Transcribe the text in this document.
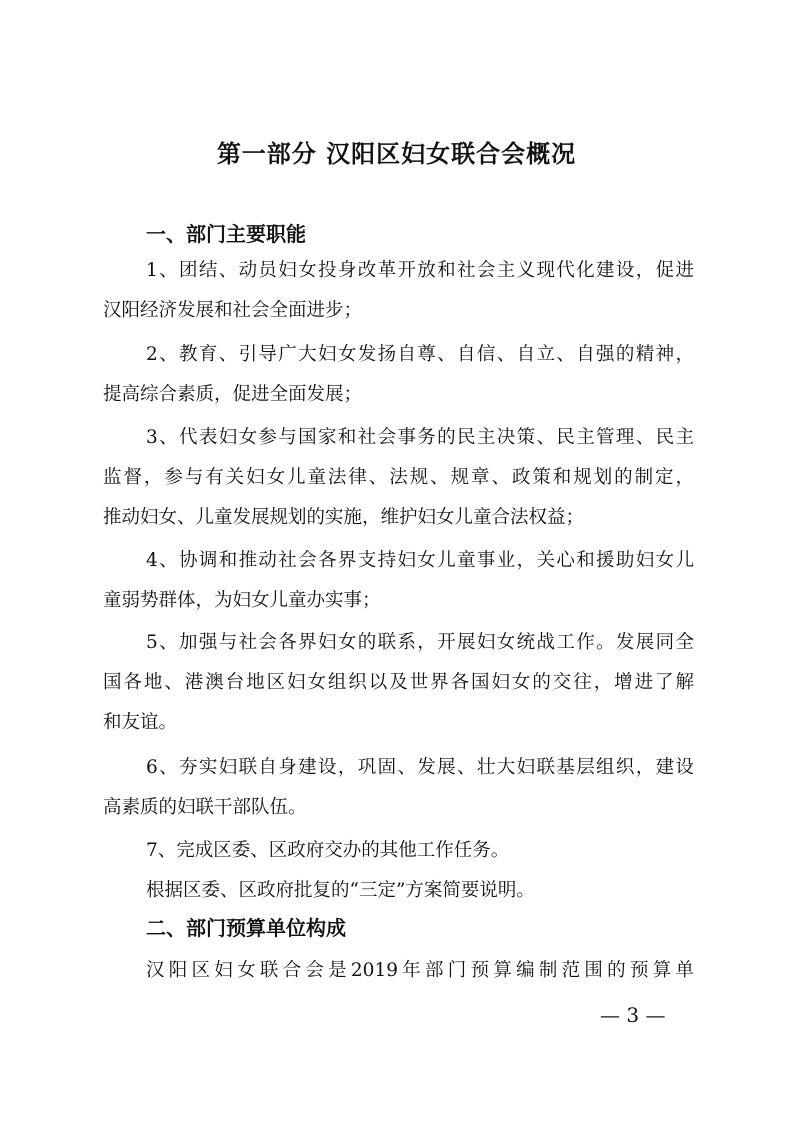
第一部分 汉阳区妇女联合会概况
一、部门主要职能
1、团结、动员妇女投身改革开放和社会主义现代化建设，促进
汉阳经济发展和社会全面进步；
2、教育、引导广大妇女发扬自尊、自信、自立、自强的精神，
提高综合素质，促进全面发展；
3、代表妇女参与国家和社会事务的民主决策、民主管理、民主
监督，参与有关妇女儿童法律、法规、规章、政策和规划的制定，
推动妇女、儿童发展规划的实施，维护妇女儿童合法权益；
4、协调和推动社会各界支持妇女儿童事业，关心和援助妇女儿
童弱势群体，为妇女儿童办实事；
5、加强与社会各界妇女的联系，开展妇女统战工作。发展同全
国各地、港澳台地区妇女组织以及世界各国妇女的交往，增进了解
和友谊。
6、夯实妇联自身建设，巩固、发展、壮大妇联基层组织，建设
高素质的妇联干部队伍。
7、完成区委、区政府交办的其他工作任务。
根据区委、区政府批复的“三定”方案简要说明。
二、部门预算单位构成
汉阳区妇女联合会是2019年部门预算编制范围的预算单
— 3 —
